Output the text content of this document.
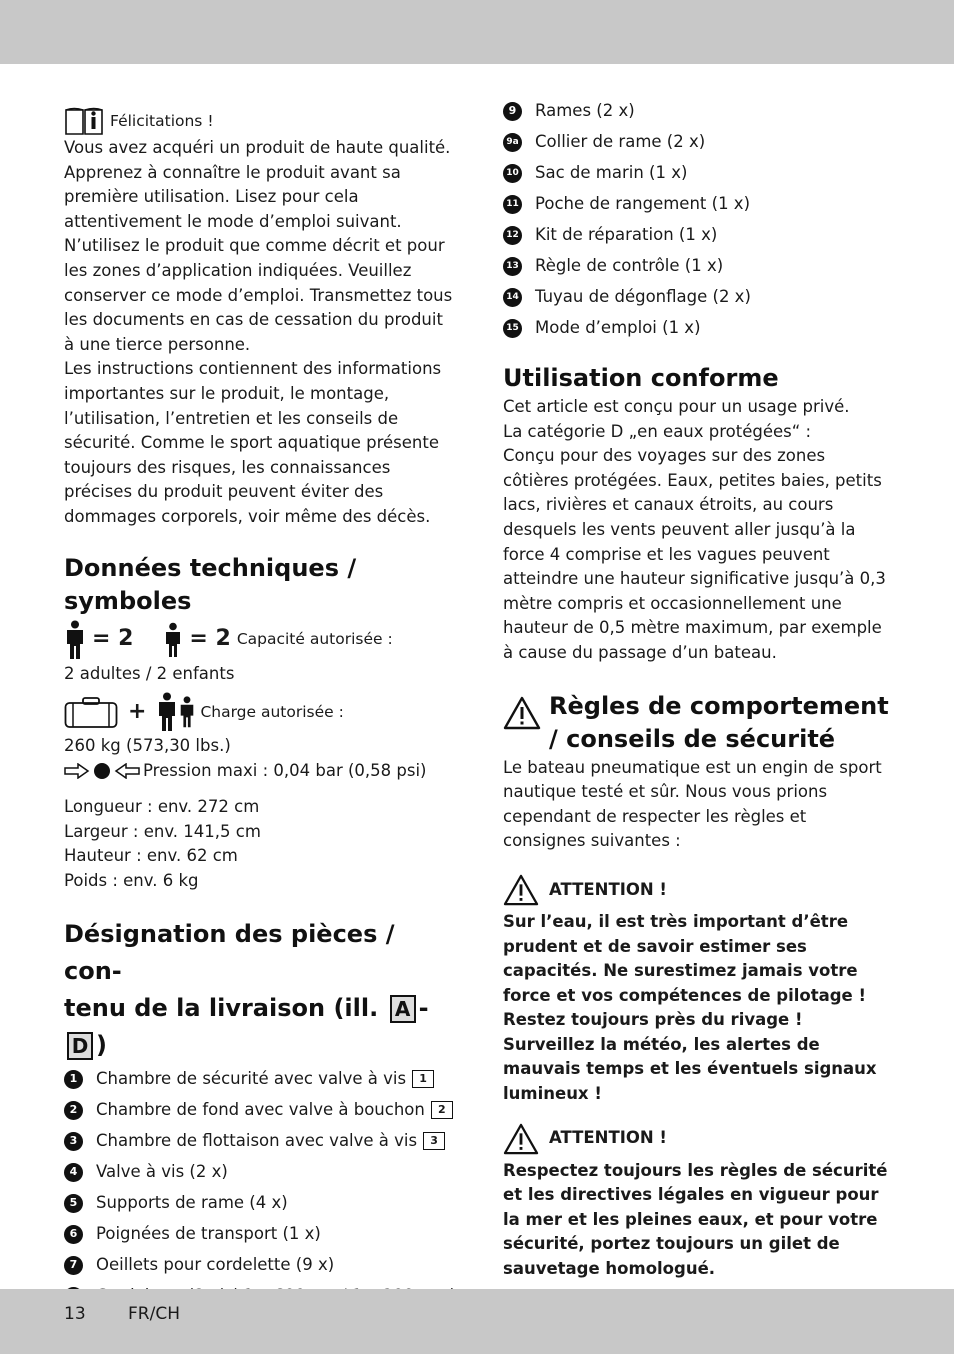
Félicitations !

Vous avez acquéri un produit de haute qualité. Apprenez à connaître le produit avant sa première utilisation. Lisez pour cela attentivement le mode d’emploi suivant. N’utilisez le produit que comme décrit et pour les zones d’application indiquées. Veuillez conserver ce mode d’emploi. Transmettez tous les documents en cas de cessation du produit à une tierce personne.

Les instructions contiennent des informations importantes sur le produit, le montage, l’utilisation, l’entretien et les conseils de sécurité. Comme le sport aquatique présente toujours des risques, les connaissances précises du produit peuvent éviter des dommages corporels, voir même des décès.

Données techniques / symboles
= 2	= 2 Capacité autorisée :

2 adultes / 2 enfants

+	Charge autorisée :

260 kg (573,30 lbs.)

Pression maxi : 0,04 bar (0,58 psi)

Longueur : env. 272 cm

Largeur : env. 141,5 cm

Hauteur : env. 62 cm

Poids : env. 6 kg

Désignation des pièces / con-
tenu de la livraison (ill. A -D )
1	Chambre de sécurité avec valve à vis	1
2	Chambre de fond avec valve à bouchon	2
3	Chambre de flottaison avec valve à vis	3
4	Valve à vis (2 x)
5	Supports de rame (4 x)
6	Poignées de transport (1 x)
7	Oeillets pour cordelette (9 x)
9	Rames (2 x)
9a Collier de rame (2 x)
10 Sac de marin (1 x)
11 Poche de rangement (1 x)
12 Kit de réparation (1 x)
13 Règle de contrôle (1 x)
14 Tuyau de dégonflage (2 x)
15 Mode d’emploi (1 x)
Utilisation conforme

Cet article est conçu pour un usage privé.

La catégorie D „en eaux protégées“ :

Conçu pour des voyages sur des zones côtières protégées. Eaux, petites baies, petits lacs, rivières et canaux étroits, au cours desquels les vents peuvent aller jusqu’à la force 4 comprise et les vagues peuvent atteindre une hauteur significative jusqu’à 0,3 mètre compris et occasionnellement une hauteur de 0,5 mètre maximum, par exemple à cause du passage d’un bateau.

Règles de comportement / conseils de sécurité

Le bateau pneumatique est un engin de sport nautique testé et sûr. Nous vous prions cependant de respecter les règles et consignes suivantes :

ATTENTION !

Sur l’eau, il est très important d’être prudent et de savoir estimer ses capacités. Ne surestimez jamais votre force et vos compétences de pilotage ! Restez toujours près du rivage ! Surveillez la météo, les alertes de mauvais temps et les éventuels signaux lumineux !

ATTENTION !

Respectez toujours les règles de sécurité et les directives légales en vigueur pour la mer et les pleines eaux, et pour votre sécurité, portez toujours un gilet de sauvetage homologué.

13 FR/CH
